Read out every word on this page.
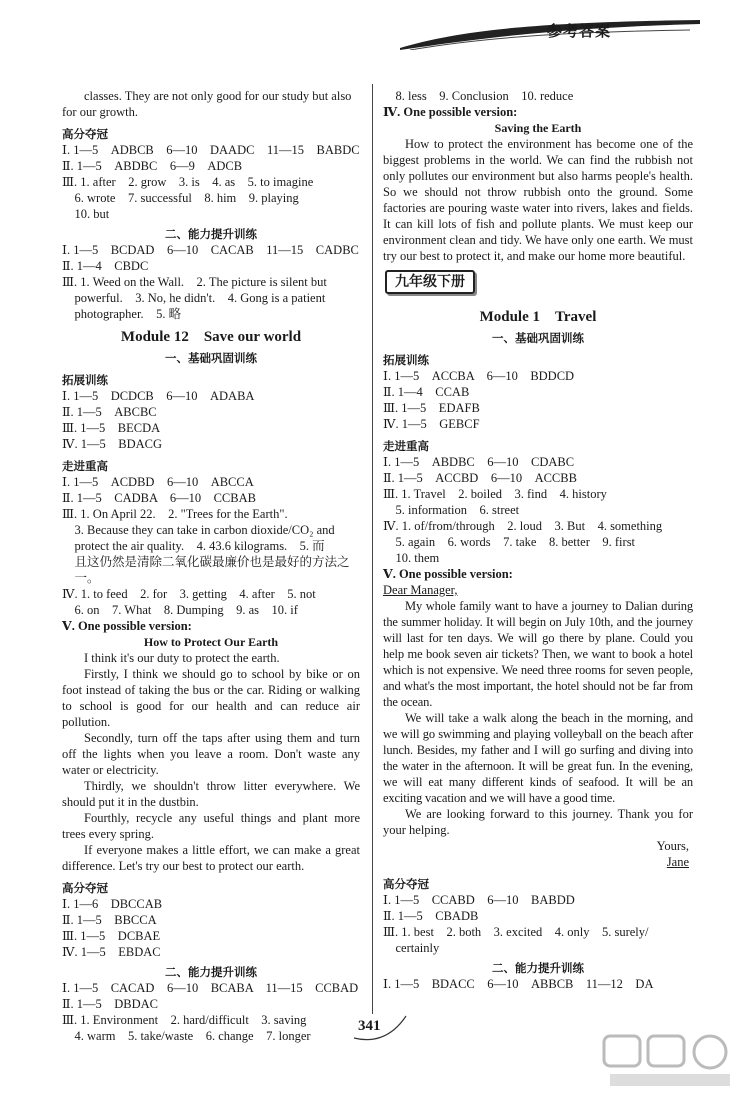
参考答案
classes. They are not only good for our study but also
for our growth.
高分夺冠
Ⅰ. 1—5　ADBCB　6—10　DAADC　11—15　BABDC
Ⅱ. 1—5　ABDBC　6—9　ADCB
Ⅲ. 1. after　2. grow　3. is　4. as　5. to imagine
　6. wrote　7. successful　8. him　9. playing
　10. but
二、能力提升训练
Ⅰ. 1—5　BCDAD　6—10　CACAB　11—15　CADBC
Ⅱ. 1—4　CBDC
Ⅲ. 1. Weed on the Wall.　2. The picture is silent but
　powerful.　3. No, he didn't.　4. Gong is a patient
　photographer.　5. 略
Module 12　Save our world
一、基础巩固训练
拓展训练
Ⅰ. 1—5　DCDCB　6—10　ADABA
Ⅱ. 1—5　ABCBC
Ⅲ. 1—5　BECDA
Ⅳ. 1—5　BDACG
走进重高
Ⅰ. 1—5　ACDBD　6—10　ABCCA
Ⅱ. 1—5　CADBA　6—10　CCBAB
Ⅲ. 1. On April 22.　2. "Trees for the Earth".
　3. Because they can take in carbon dioxide/CO₂ and
　protect the air quality.　4. 43.6 kilograms.　5. 而
　且这仍然是清除二氧化碳最廉价也是最好的方法之
　一。
Ⅳ. 1. to feed　2. for　3. getting　4. after　5. not
　6. on　7. What　8. Dumping　9. as　10. if
Ⅴ. One possible version:
How to Protect Our Earth
I think it's our duty to protect the earth.
Firstly, I think we should go to school by bike or on foot instead of taking the bus or the car. Riding or walking to school is good for our health and can reduce air pollution.
Secondly, turn off the taps after using them and turn off the lights when you leave a room. Don't waste any water or electricity.
Thirdly, we shouldn't throw litter everywhere. We should put it in the dustbin.
Fourthly, recycle any useful things and plant more trees every spring.
If everyone makes a little effort, we can make a great difference. Let's try our best to protect our earth.
高分夺冠
Ⅰ. 1—6　DBCCAB
Ⅱ. 1—5　BBCCA
Ⅲ. 1—5　DCBAE
Ⅳ. 1—5　EBDAC
二、能力提升训练
Ⅰ. 1—5　CACAD　6—10　BCABA　11—15　CCBAD
Ⅱ. 1—5　DBDAC
Ⅲ. 1. Environment　2. hard/difficult　3. saving
　4. warm　5. take/waste　6. change　7. longer
　8. less　9. Conclusion　10. reduce
Ⅳ. One possible version:
Saving the Earth
How to protect the environment has become one of the biggest problems in the world. We can find the rubbish not only pollutes our environment but also harms people's health. So we should not throw rubbish onto the ground. Some factories are pouring waste water into rivers, lakes and fields. It can kill lots of fish and pollute plants. We must keep our environment clean and tidy. We have only one earth. We must try our best to protect it, and make our home more beautiful.
九年级下册
Module 1　Travel
一、基础巩固训练
拓展训练
Ⅰ. 1—5　ACCBA　6—10　BDDCD
Ⅱ. 1—4　CCAB
Ⅲ. 1—5　EDAFB
Ⅳ. 1—5　GEBCF
走进重高
Ⅰ. 1—5　ABDBC　6—10　CDABC
Ⅱ. 1—5　ACCBD　6—10　ACCBB
Ⅲ. 1. Travel　2. boiled　3. find　4. history
　5. information　6. street
Ⅳ. 1. of/from/through　2. loud　3. But　4. something
　5. again　6. words　7. take　8. better　9. first
　10. them
Ⅴ. One possible version:
Dear Manager,
My whole family want to have a journey to Dalian during the summer holiday. It will begin on July 10th, and the journey will last for ten days. We will go there by plane. Could you help me book seven air tickets? Then, we want to book a hotel which is not expensive. We need three rooms for seven people, and what's the most important, the hotel should not be far from the ocean.
We will take a walk along the beach in the morning, and we will go swimming and playing volleyball on the beach after lunch. Besides, my father and I will go surfing and diving into the water in the afternoon. It will be great fun. In the evening, we will eat many different kinds of seafood. It will be an exciting vacation and we will have a good time.
We are looking forward to this journey. Thank you for your helping.
Yours,
Jane
高分夺冠
Ⅰ. 1—5　CCABD　6—10　BABDD
Ⅱ. 1—5　CBADB
Ⅲ. 1. best　2. both　3. excited　4. only　5. surely/
　certainly
二、能力提升训练
Ⅰ. 1—5　BDACC　6—10　ABBCB　11—12　DA
341
